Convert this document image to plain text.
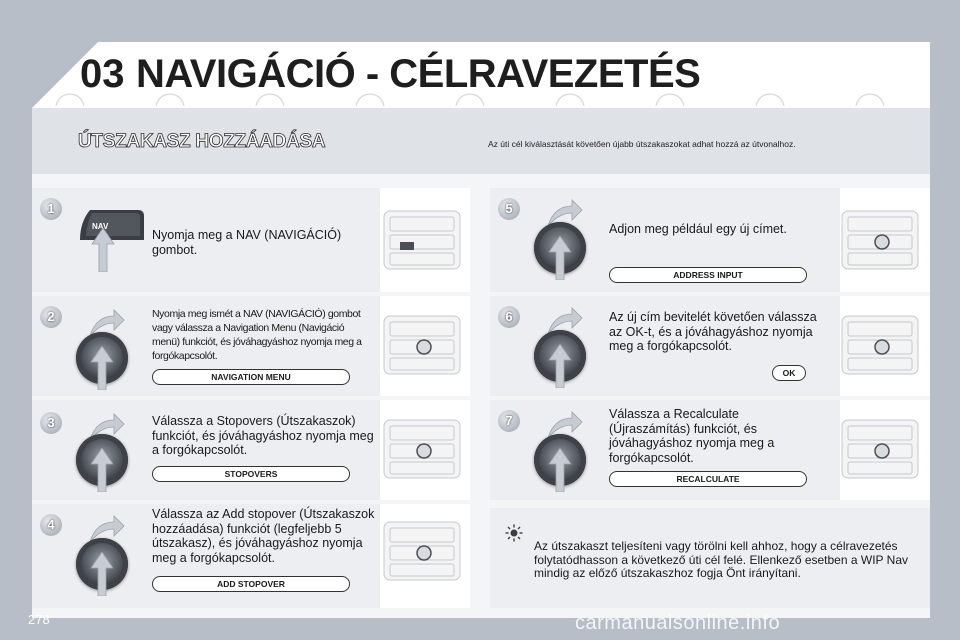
03 NAVIGÁCIÓ - CÉLRAVEZETÉS
ÚTSZAKASZ HOZZÁADÁSA	Az úti cél kiválasztását követően újabb útszakaszokat adhat hozzá az útvonalhoz.
1
NAV
Nyomja meg a NAV (NAVIGÁCIÓ) gombot.
2	Nyomja meg ismét a NAV (NAVIGÁCIÓ) gombot vagy válassza a Navigation Menu (Navigáció menü) funkciót, és jóváhagyáshoz nyomja meg a forgókapcsolót.
NAVIGATION MENU
3	Válassza a Stopovers (Útszakaszok) funkciót, és jóváhagyáshoz nyomja meg a forgókapcsolót.
STOPOVERS
4
Válassza az Add stopover (Útszakaszok hozzáadása) funkciót (legfeljebb 5 útszakasz), és jóváhagyáshoz nyomja meg a forgókapcsolót.
ADD STOPOVER
5
Adjon meg például egy új címet.
ADDRESS INPUT
6	Az új cím bevitelét követően válassza az OK-t, és a jóváhagyáshoz nyomja meg a forgókapcsolót.
OK
7	Válassza a Recalculate (Újraszámítás) funkciót, és jóváhagyáshoz nyomja meg a forgókapcsolót.
RECALCULATE
Az útszakaszt teljesíteni vagy törölni kell ahhoz, hogy a célravezetés folytatódhasson a következő úti cél felé. Ellenkező esetben a WIP Nav mindig az előző útszakaszhoz fogja Önt irányítani.
278	carmanualsonline.info
